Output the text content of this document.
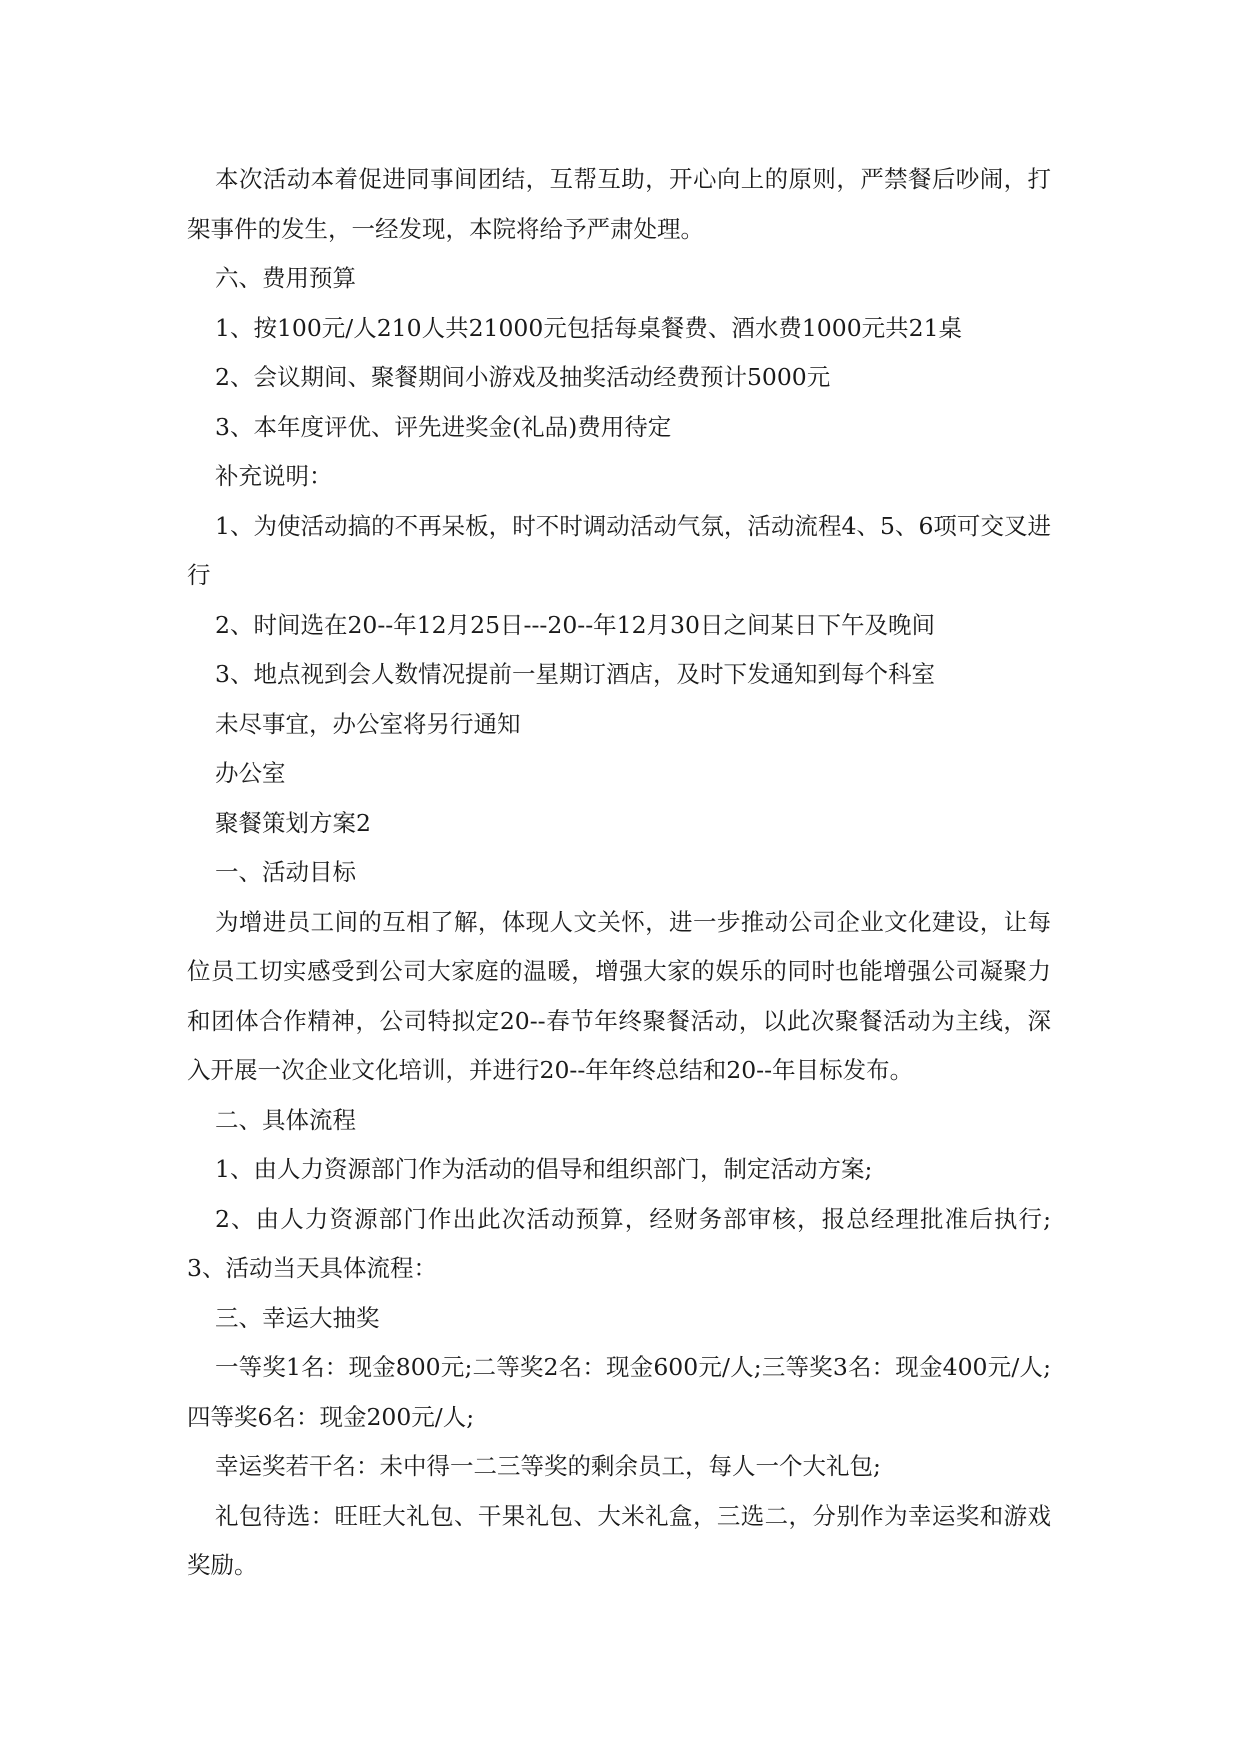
本次活动本着促进同事间团结，互帮互助，开心向上的原则，严禁餐后吵闹，打架事件的发生，一经发现，本院将给予严肃处理。

六、费用预算

1、按100元/人210人共21000元包括每桌餐费、酒水费1000元共21桌

2、会议期间、聚餐期间小游戏及抽奖活动经费预计5000元

3、本年度评优、评先进奖金(礼品)费用待定

补充说明：

1、为使活动搞的不再呆板，时不时调动活动气氛，活动流程4、5、6项可交叉进行

2、时间选在20--年12月25日---20--年12月30日之间某日下午及晚间

3、地点视到会人数情况提前一星期订酒店，及时下发通知到每个科室

未尽事宜，办公室将另行通知

办公室

聚餐策划方案2

一、活动目标

为增进员工间的互相了解，体现人文关怀，进一步推动公司企业文化建设，让每位员工切实感受到公司大家庭的温暖，增强大家的娱乐的同时也能增强公司凝聚力和团体合作精神，公司特拟定20--春节年终聚餐活动，以此次聚餐活动为主线，深入开展一次企业文化培训，并进行20--年年终总结和20--年目标发布。

二、具体流程

1、由人力资源部门作为活动的倡导和组织部门，制定活动方案;

2、由人力资源部门作出此次活动预算，经财务部审核，报总经理批准后执行;3、活动当天具体流程：

三、幸运大抽奖

一等奖1名：现金800元;二等奖2名：现金600元/人;三等奖3名：现金400元/人;四等奖6名：现金200元/人;

幸运奖若干名：未中得一二三等奖的剩余员工，每人一个大礼包;

礼包待选：旺旺大礼包、干果礼包、大米礼盒，三选二，分别作为幸运奖和游戏奖励。
